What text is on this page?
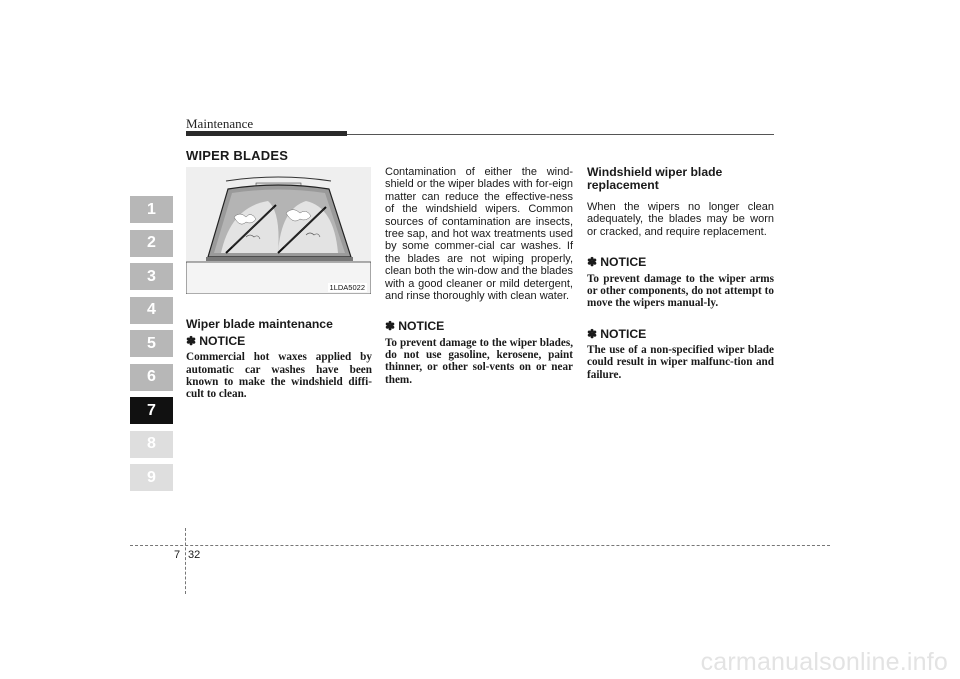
Maintenance
1
2
3
4
5
6
7
8
9
WIPER BLADES
1LDA5022
Wiper blade maintenance
✽ NOTICE
Commercial hot waxes applied by automatic car washes have been known to make the windshield diffi-cult to clean.

Contamination of either the wind-shield or the wiper blades with for-eign matter can reduce the effective-ness of the windshield wipers. Common sources of contamination are insects, tree sap, and hot wax treatments used by some commer-cial car washes. If the blades are not wiping properly, clean both the win-dow and the blades with a good cleaner or mild detergent, and rinse thoroughly with clean water.

✽ NOTICE
To prevent damage to the wiper blades, do not use gasoline, kerosene, paint thinner, or other sol-vents on or near them.
Windshield wiper blade replacement

When the wipers no longer clean adequately, the blades may be worn or cracked, and require replacement.

✽ NOTICE
To prevent damage to the wiper arms or other components, do not attempt to move the wipers manual-ly.
✽ NOTICE
The use of a non-specified wiper blade could result in wiper malfunc-tion and failure.
7 32
carmanualsonline.info
